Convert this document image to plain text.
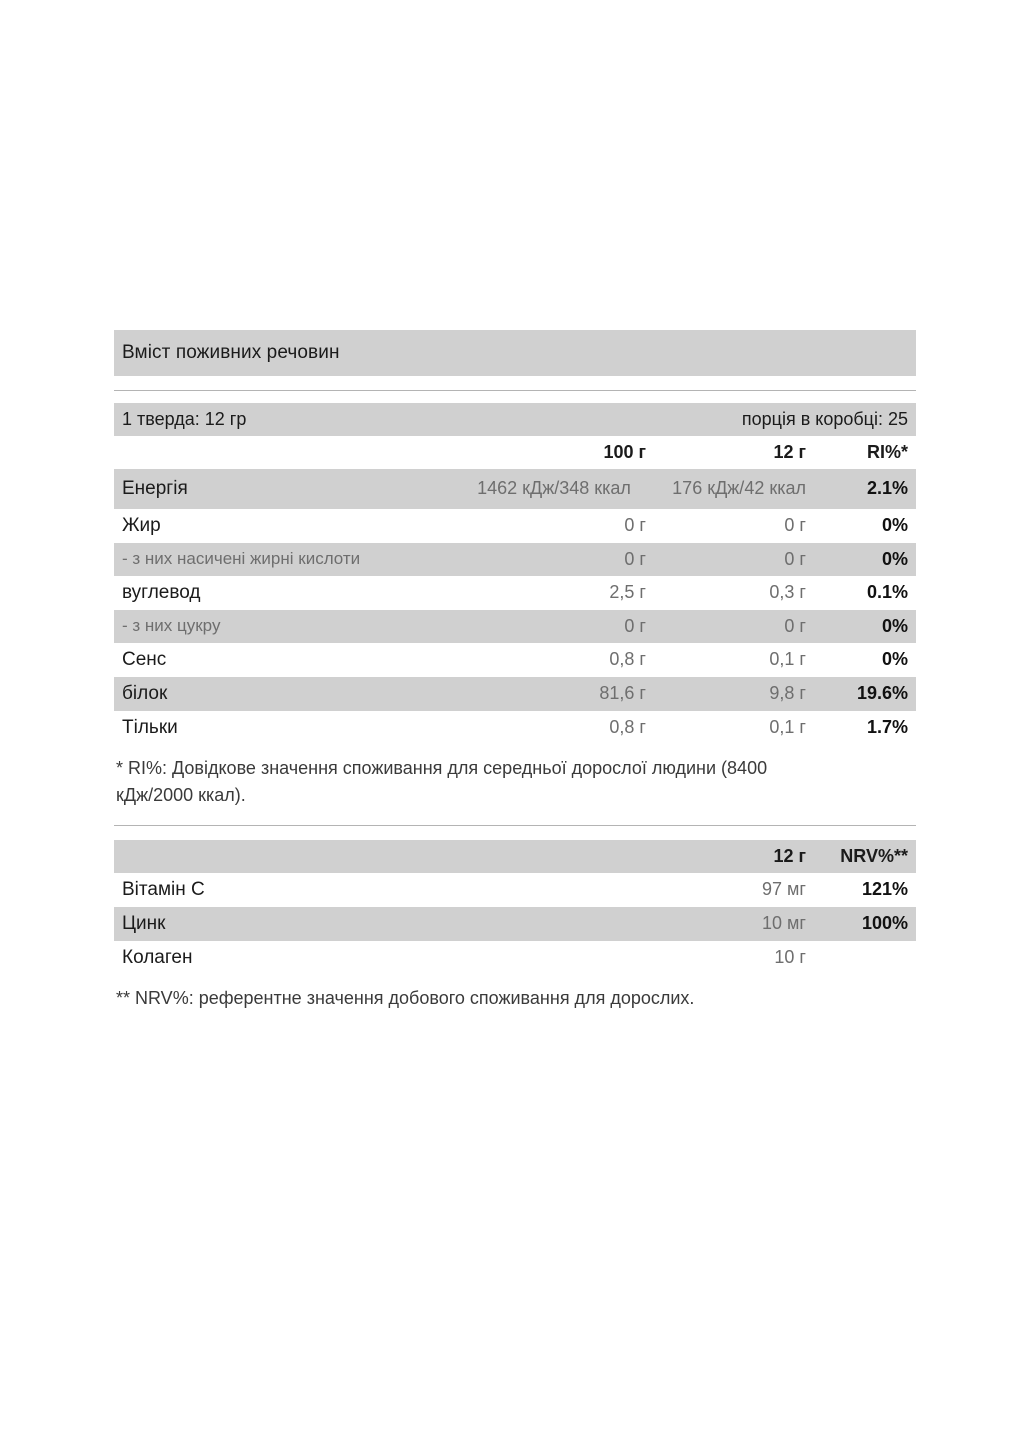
Вміст поживних речовин
1 тверда: 12 гр		порція в коробці: 25	
	100 г	12 г	RI%*
Енергія	1462 кДж/348 ккал	176 кДж/42 ккал	2.1%
Жир	0 г	0 г	0%
- з них насичені жирні кислоти	0 г	0 г	0%
вуглевод	2,5 г	0,3 г	0.1%
- з них цукру	0 г	0 г	0%
Сенс	0,8 г	0,1 г	0%
білок	81,6 г	9,8 г	19.6%
Тільки	0,8 г	0,1 г	1.7%
* RI%: Довідкове значення споживання для середньої дорослої людини (8400 кДж/2000 ккал).
	12 г	NRV%**
Вітамін С	97 мг	121%
Цинк	10 мг	100%
Колаген	10 г	
** NRV%: референтне значення добового споживання для дорослих.
